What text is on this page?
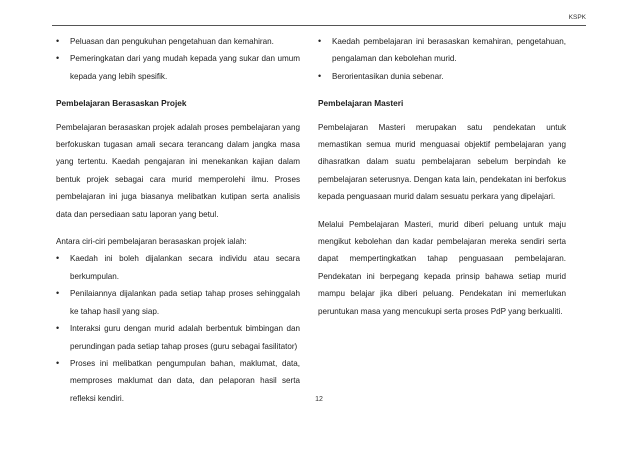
KSPK
• Peluasan dan pengukuhan pengetahuan dan kemahiran.
• Pemeringkatan dari yang mudah kepada yang sukar dan umum kepada yang lebih spesifik.

Pembelajaran Berasaskan Projek

Pembelajaran berasaskan projek adalah proses pembelajaran yang berfokuskan tugasan amali secara terancang dalam jangka masa yang tertentu. Kaedah pengajaran ini menekankan kajian dalam bentuk projek sebagai cara murid memperolehi ilmu. Proses pembelajaran ini juga biasanya melibatkan kutipan serta analisis data dan persediaan satu laporan yang betul.

Antara ciri-ciri pembelajaran berasaskan projek ialah:

• Kaedah ini boleh dijalankan secara individu atau secara berkumpulan.
• Penilaiannya dijalankan pada setiap tahap proses sehinggalah ke tahap hasil yang siap.
• Interaksi guru dengan murid adalah berbentuk bimbingan dan perundingan pada setiap tahap proses (guru sebagai fasilitator)
• Proses ini melibatkan pengumpulan bahan, maklumat, data, memproses maklumat dan data, dan pelaporan hasil serta refleksi kendiri.
• Kaedah pembelajaran ini berasaskan kemahiran, pengetahuan, pengalaman dan kebolehan murid.
• Berorientasikan dunia sebenar.

Pembelajaran Masteri

Pembelajaran Masteri merupakan satu pendekatan untuk memastikan semua murid menguasai objektif pembelajaran yang dihasratkan dalam suatu pembelajaran sebelum berpindah ke pembelajaran seterusnya. Dengan kata lain, pendekatan ini berfokus kepada penguasaan murid dalam sesuatu perkara yang dipelajari.

Melalui Pembelajaran Masteri, murid diberi peluang untuk maju mengikut kebolehan dan kadar pembelajaran mereka sendiri serta dapat mempertingkatkan tahap penguasaan pembelajaran. Pendekatan ini berpegang kepada prinsip bahawa setiap murid mampu belajar jika diberi peluang. Pendekatan ini memerlukan peruntukan masa yang mencukupi serta proses PdP yang berkualiti.

12
